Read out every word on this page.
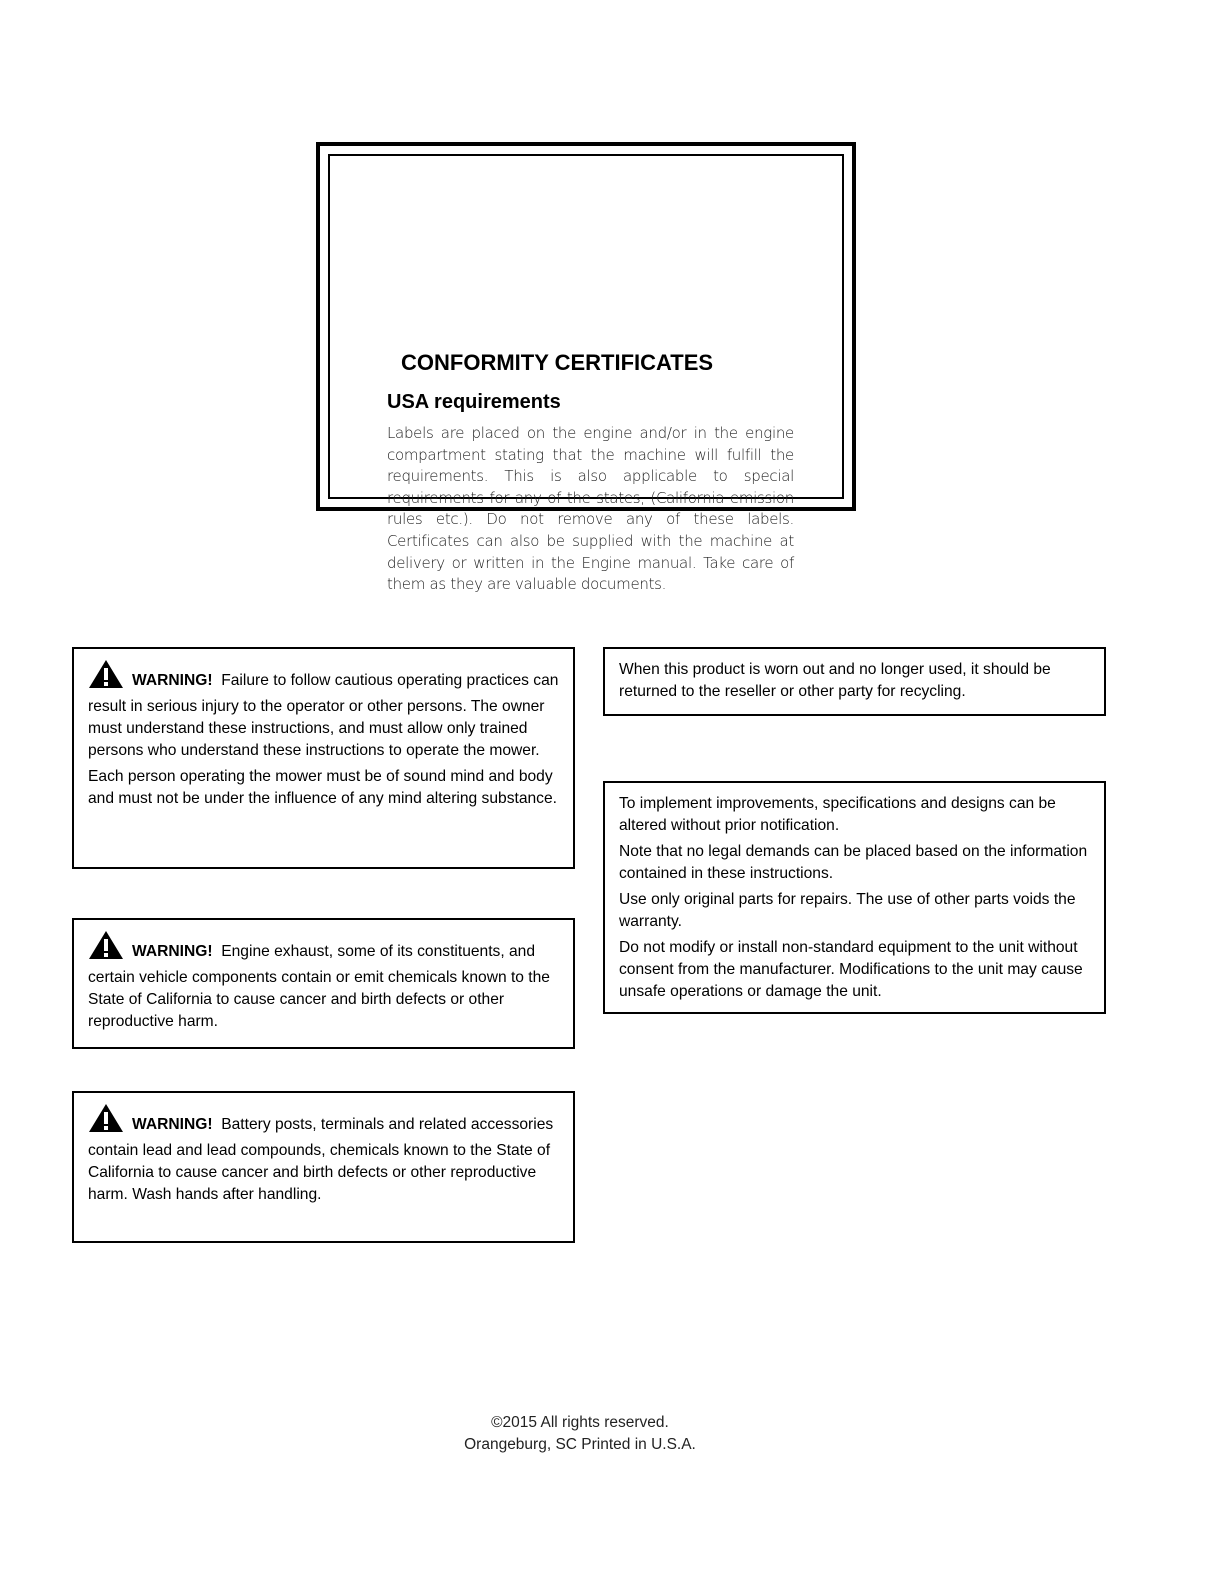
CONFORMITY CERTIFICATES
USA requirements

Labels are placed on the engine and/or in the engine compartment stating that the machine will fulfill the requirements. This is also applicable to special requirements for any of the states, (California emission rules etc.). Do not remove any of these labels. Certificates can also be supplied with the machine at delivery or written in the Engine manual. Take care of them as they are valuable documents.

WARNING! Failure to follow cautious operating practices can result in serious injury to the operator or other persons. The owner must understand these instructions, and must allow only trained persons who understand these instructions to operate the mower.

Each person operating the mower must be of sound mind and body and must not be under the influence of any mind altering substance.

WARNING! Engine exhaust, some of its constituents, and certain vehicle components contain or emit chemicals known to the State of California to cause cancer and birth defects or other reproductive harm.

WARNING! Battery posts, terminals and related accessories contain lead and lead compounds, chemicals known to the State of California to cause cancer and birth defects or other reproductive harm. Wash hands after handling.

When this product is worn out and no longer used, it should be returned to the reseller or other party for recycling.

To implement improvements, specifications and designs can be altered without prior notification.

Note that no legal demands can be placed based on the information contained in these instructions.

Use only original parts for repairs. The use of other parts voids the warranty.

Do not modify or install non-standard equipment to the unit without consent from the manufacturer. Modifications to the unit may cause unsafe operations or damage the unit.

©2015 All rights reserved.
Orangeburg, SC Printed in U.S.A.
